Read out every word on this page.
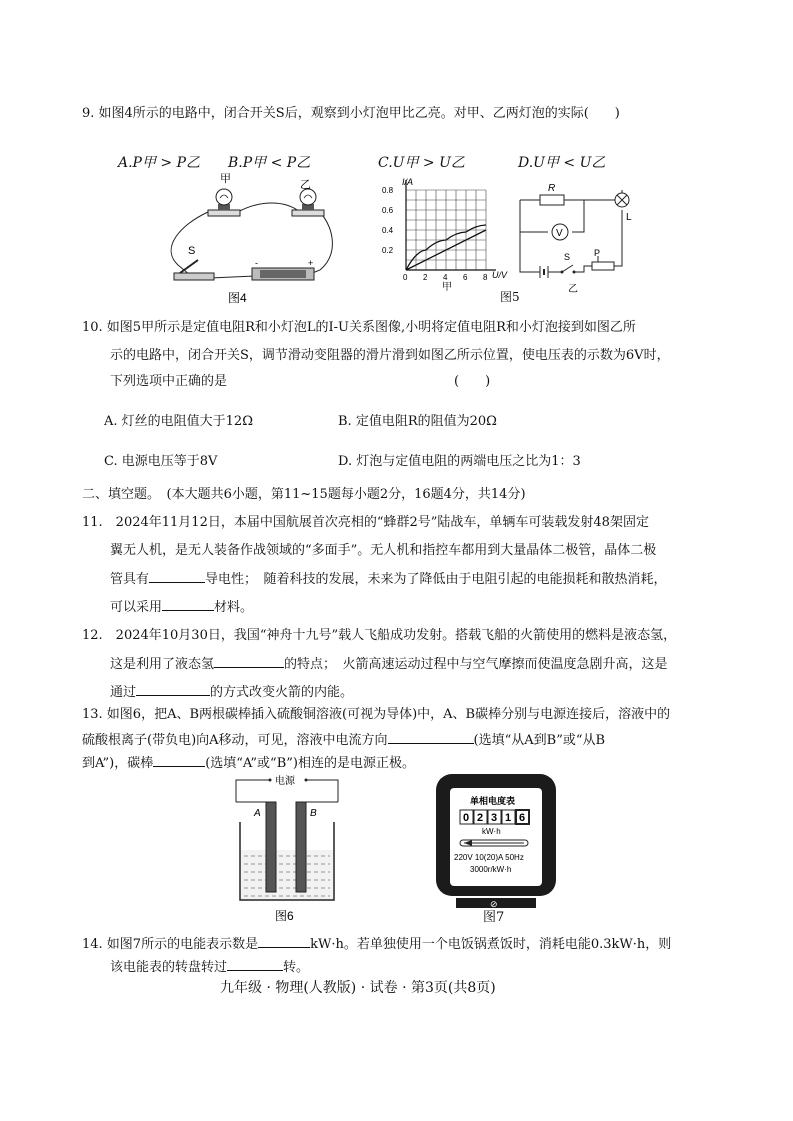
9. 如图4所示的电路中，闭合开关S后，观察到小灯泡甲比乙亮。对甲、乙两灯泡的实际(　　)
A.P甲 > P乙 B.P甲 < P乙	C.U甲 > U乙	D.U甲 < U乙
甲	乙
S
-	+
图4
0 2 4 6 8
0.2
0.4
0.6
0.8
I/A
U/V
甲
R
L
V
S	P
乙
图5
10. 如图5甲所示是定值电阻R和小灯泡L的I-U关系图像,小明将定值电阻R和小灯泡接到如图乙所
示的电路中，闭合开关S，调节滑动变阻器的滑片滑到如图乙所示位置，使电压表的示数为6V时，
下列选项中正确的是	(　　)
A. 灯丝的电阻值大于12Ω	B. 定值电阻R的阻值为20Ω
C. 电源电压等于8V	D. 灯泡与定值电阻的两端电压之比为1：3
二、填空题。　(本大题共6小题，第11~15题每小题2分，16题4分，共14分)
11.　2024年11月12日，本届中国航展首次亮相的“蜂群2号”陆战车，单辆车可装载发射48架固定
翼无人机，是无人装备作战领域的“多面手”。无人机和指控车都用到大量晶体二极管，晶体二极
管具有	导电性；　随着科技的发展，未来为了降低由于电阻引起的电能损耗和散热消耗，
可以采用	材料。
12.　2024年10月30日，我国“神舟十九号”载人飞船成功发射。搭载飞船的火箭使用的燃料是液态氢，
这是利用了液态氢	的特点；　火箭高速运动过程中与空气摩擦而使温度急剧升高，这是
通过	的方式改变火箭的内能。
13. 如图6，把A、B两根碳棒插入硫酸铜溶液(可视为导体)中，A、B碳棒分别与电源连接后，溶液中的
硫酸根离子(带负电)向A移动，可见，溶液中电流方向	(选填“从A到B”或“从B
到A”)，碳棒	(选填“A”或“B”)相连的是电源正极。
电源
A	B
图6
单相电度表
0 2 3 1 6
kW·h
220V 10(20)A 50Hz
3000r/kW·h
⊘
图7
14. 如图7所示的电能表示数是	kW·h。若单独使用一个电饭锅煮饭时，消耗电能0.3kW·h，则
该电能表的转盘转过	转。
九年级 · 物理(人教版) · 试卷 · 第3页(共8页)
